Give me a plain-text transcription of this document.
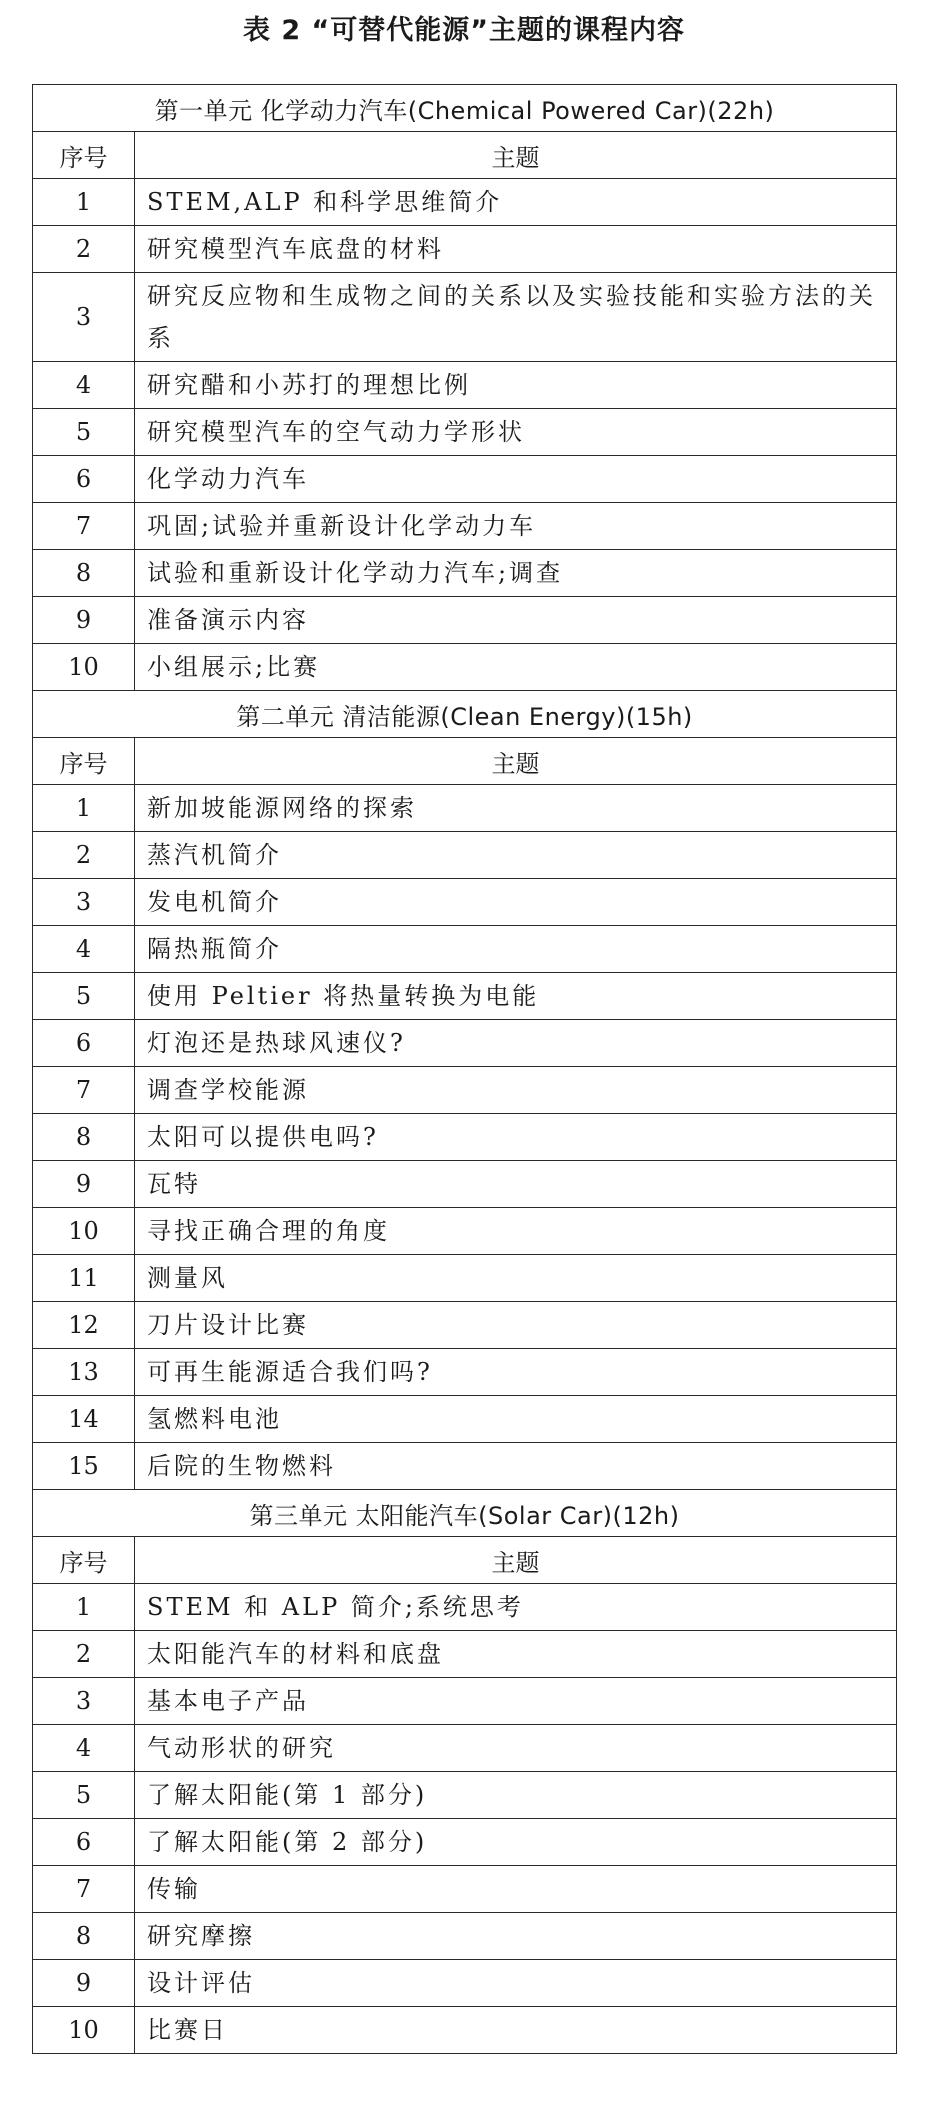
表 2 “可替代能源”主题的课程内容
第一单元 化学动力汽车(Chemical Powered Car)(22h)	
序号	主题
1	STEM,ALP 和科学思维简介
2	研究模型汽车底盘的材料
3	研究反应物和生成物之间的关系以及实验技能和实验方法的关系
4	研究醋和小苏打的理想比例
5	研究模型汽车的空气动力学形状
6	化学动力汽车
7	巩固;试验并重新设计化学动力车
8	试验和重新设计化学动力汽车;调查
9	准备演示内容
10	小组展示;比赛
第二单元 清洁能源(Clean Energy)(15h)	
序号	主题
1	新加坡能源网络的探索
2	蒸汽机简介
3	发电机简介
4	隔热瓶简介
5	使用 Peltier 将热量转换为电能
6	灯泡还是热球风速仪?
7	调查学校能源
8	太阳可以提供电吗?
9	瓦特
10	寻找正确合理的角度
11	测量风
12	刀片设计比赛
13	可再生能源适合我们吗?
14	氢燃料电池
15	后院的生物燃料
第三单元 太阳能汽车(Solar Car)(12h)	
序号	主题
1	STEM 和 ALP 简介;系统思考
2	太阳能汽车的材料和底盘
3	基本电子产品
4	气动形状的研究
5	了解太阳能(第 1 部分)
6	了解太阳能(第 2 部分)
7	传输
8	研究摩擦
9	设计评估
10	比赛日
